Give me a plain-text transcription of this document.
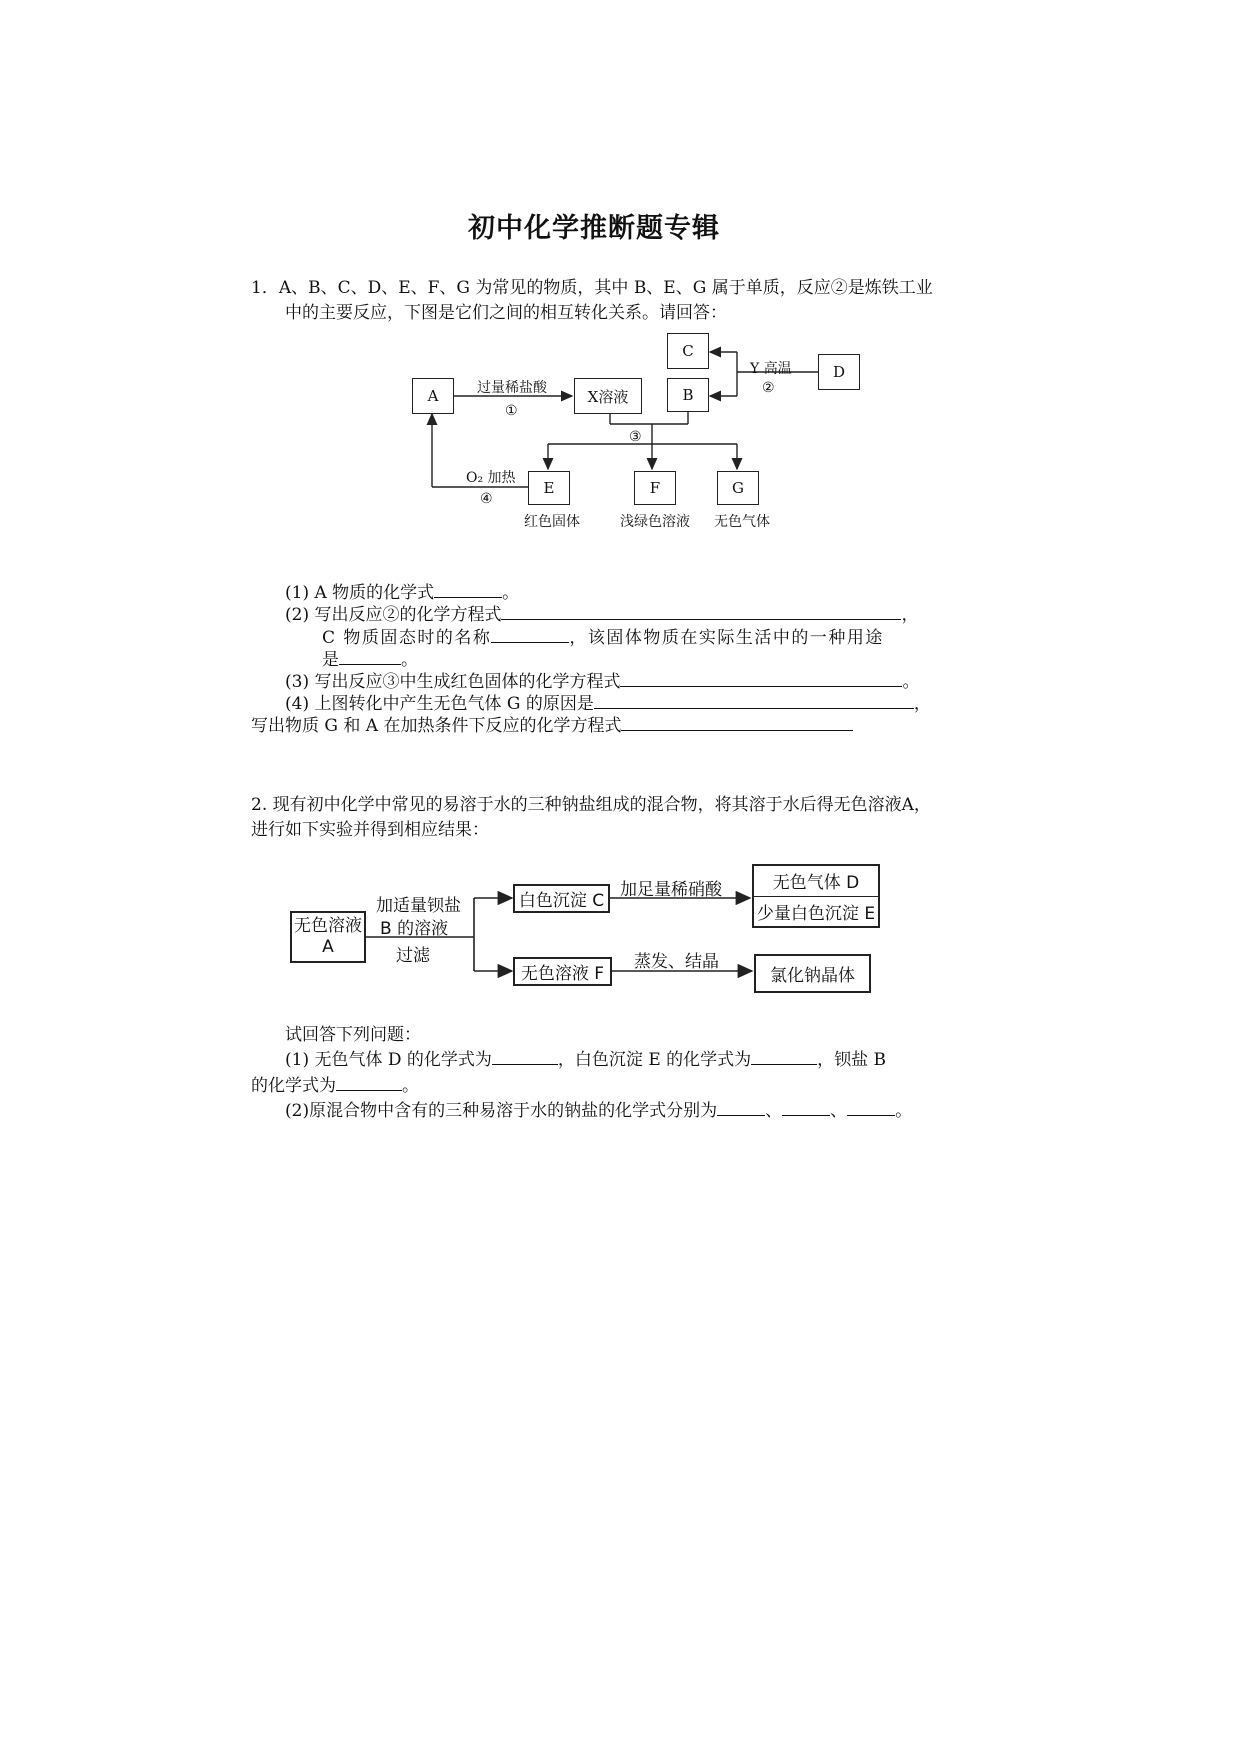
初中化学推断题专辑
1．A、B、C、D、E、F、G 为常见的物质，其中 B、E、G 属于单质，反应②是炼铁工业
中的主要反应，下图是它们之间的相互转化关系。请回答：
A	X溶液	B
C
D
E	F	G
过量稀盐酸
①
Y 高温
②
③
O₂ 加热
④
红色固体	浅绿色溶液 无色气体
(1) A 物质的化学式	。
(2) 写出反应②的化学方程式	，
C 物质固态时的名称	，该固体物质在实际生活中的一种用途
是	。
(3) 写出反应③中生成红色固体的化学方程式	。
(4) 上图转化中产生无色气体 G 的原因是	，
写出物质 G 和 A 在加热条件下反应的化学方程式
2. 现有初中化学中常见的易溶于水的三种钠盐组成的混合物，将其溶于水后得无色溶液A，
进行如下实验并得到相应结果：
无色溶液
A
加适量钡盐
B 的溶液
过滤
白色沉淀 C
无色溶液 F
加足量稀硝酸
蒸发、结晶
无色气体 D
少量白色沉淀 E
氯化钠晶体
试回答下列问题：
(1) 无色气体 D 的化学式为	，白色沉淀 E 的化学式为	，钡盐 B
的化学式为	。
(2)原混合物中含有的三种易溶于水的钠盐的化学式分别为	、	、	。
